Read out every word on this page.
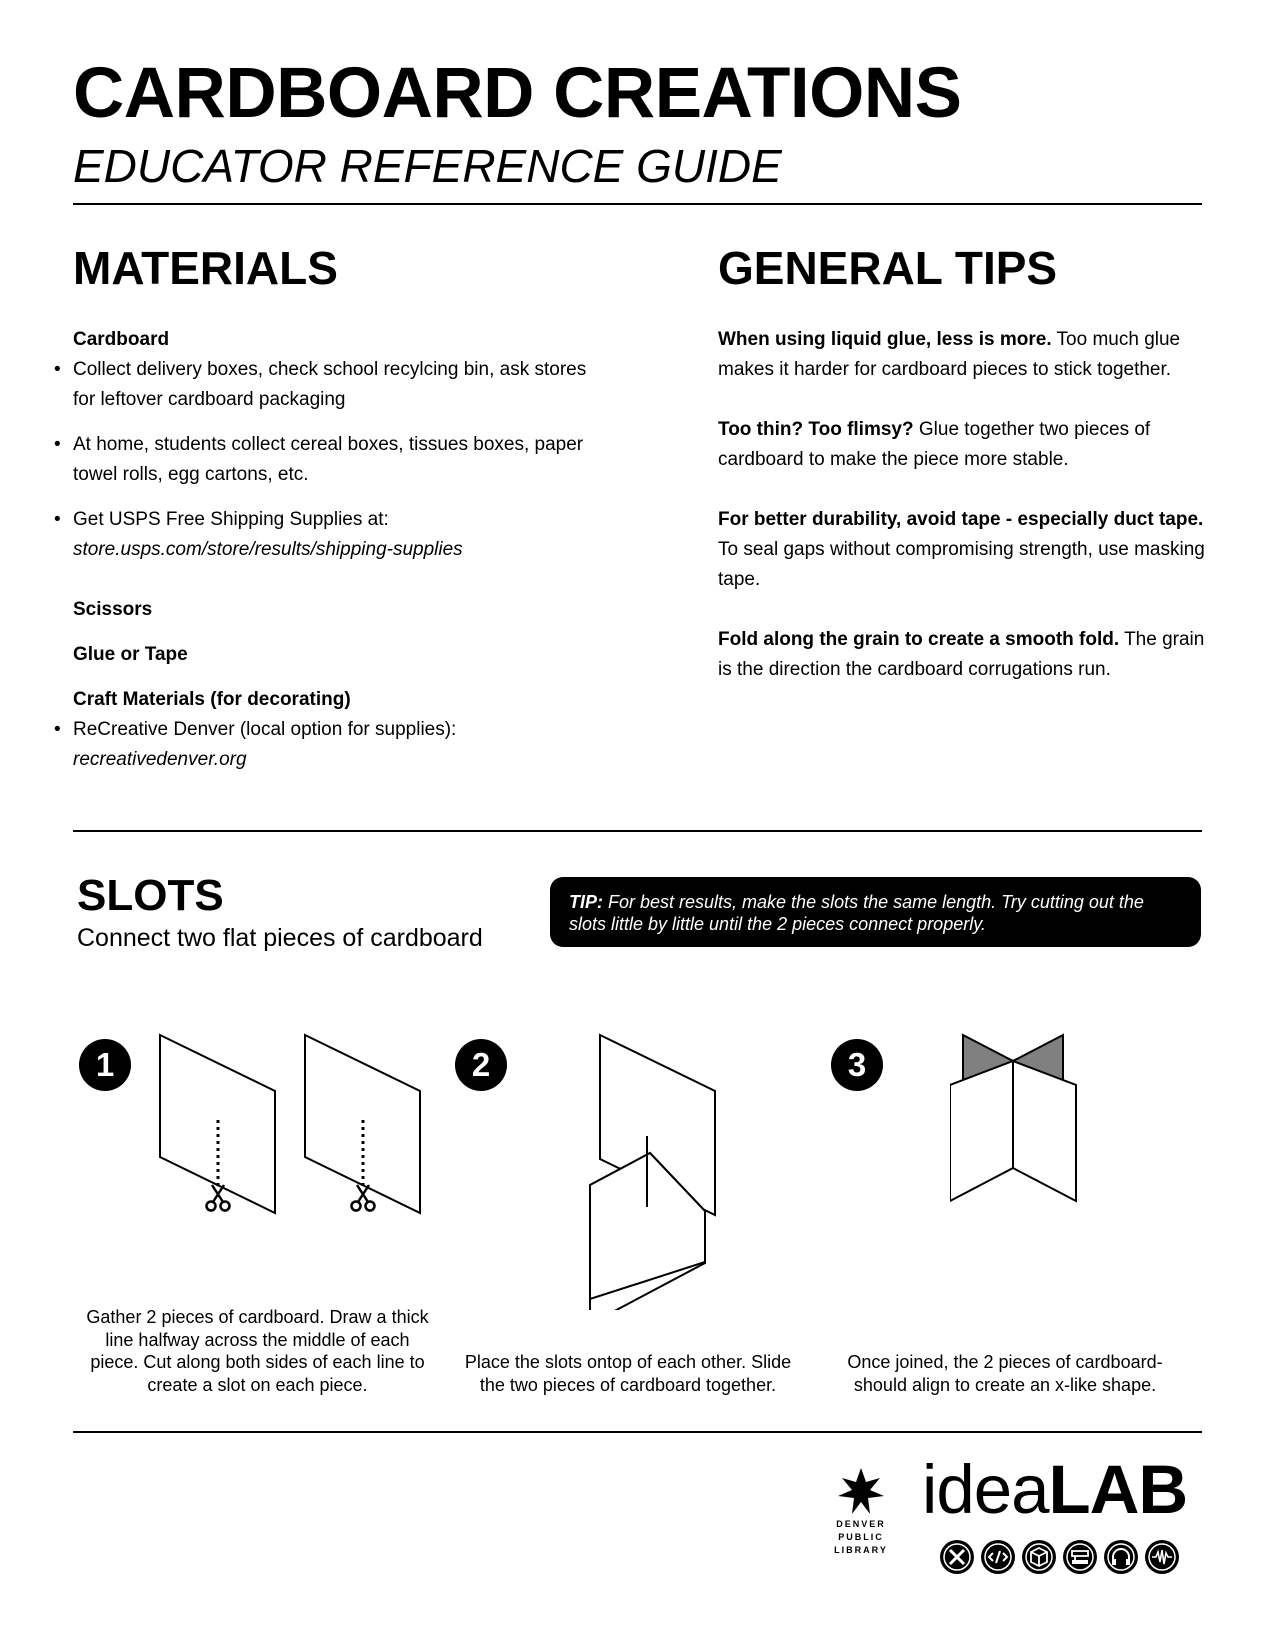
CARDBOARD CREATIONS
EDUCATOR REFERENCE GUIDE
MATERIALS
Cardboard
• Collect delivery boxes, check school recylcing bin, ask stores for leftover cardboard packaging
• At home, students collect cereal boxes, tissues boxes, paper towel rolls, egg cartons, etc.
• Get USPS Free Shipping Supplies at:
store.usps.com/store/results/shipping-supplies
Scissors
Glue or Tape
Craft Materials (for decorating)
• ReCreative Denver (local option for supplies):
recreativedenver.org
GENERAL TIPS

When using liquid glue, less is more. Too much glue makes it harder for cardboard pieces to stick together.

Too thin? Too flimsy? Glue together two pieces of cardboard to make the piece more stable.

For better durability, avoid tape - especially duct tape. To seal gaps without compromising strength, use masking tape.

Fold along the grain to create a smooth fold. The grain is the direction the cardboard corrugations run.

SLOTS
Connect two flat pieces of cardboard
TIP: For best results, make the slots the same length. Try cutting out the slots little by little until the 2 pieces connect properly.
1	2	3
Gather 2 pieces of cardboard. Draw a thick line halfway across the middle of each piece. Cut along both sides of each line to create a slot on each piece.
Place the slots ontop of each other. Slide the two pieces of cardboard together.
Once joined, the 2 pieces of cardboard-should align to create an x-like shape.
DENVER
PUBLIC
LIBRARY
ideaLAB
